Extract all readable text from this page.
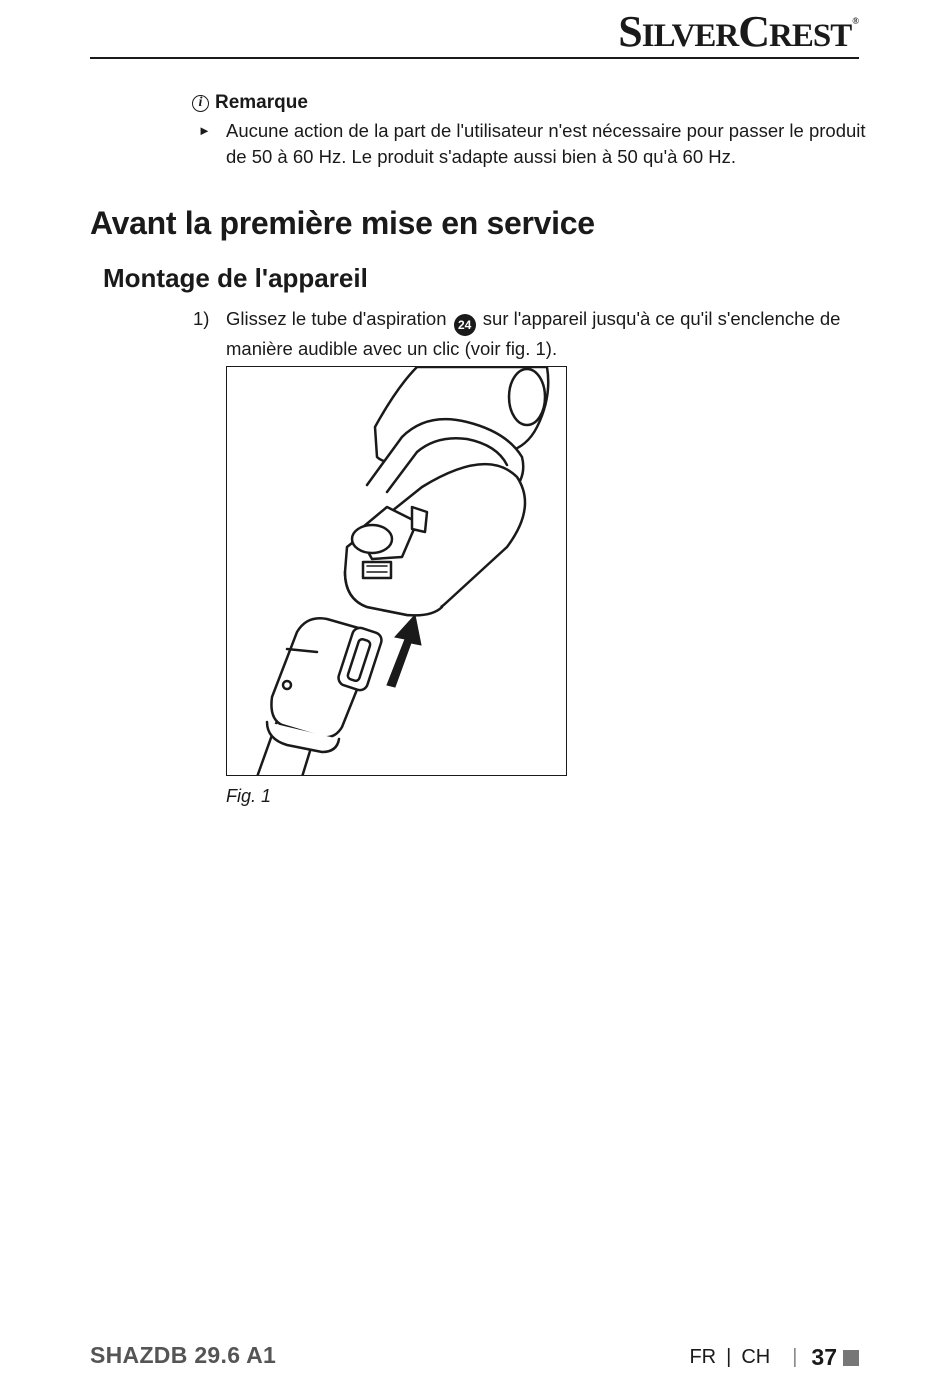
SILVERCREST®
i Remarque
► Aucune action de la part de l'utilisateur n'est nécessaire pour passer le produit de 50 à 60 Hz. Le produit s'adapte aussi bien à 50 qu'à 60 Hz.
Avant la première mise en service
Montage de l'appareil
1) Glissez le tube d'aspiration 24 sur l'appareil jusqu'à ce qu'il s'enclenche de manière audible avec un clic (voir fig. 1).
Fig. 1
SHAZDB 29.6 A1	FR | CH | 37
